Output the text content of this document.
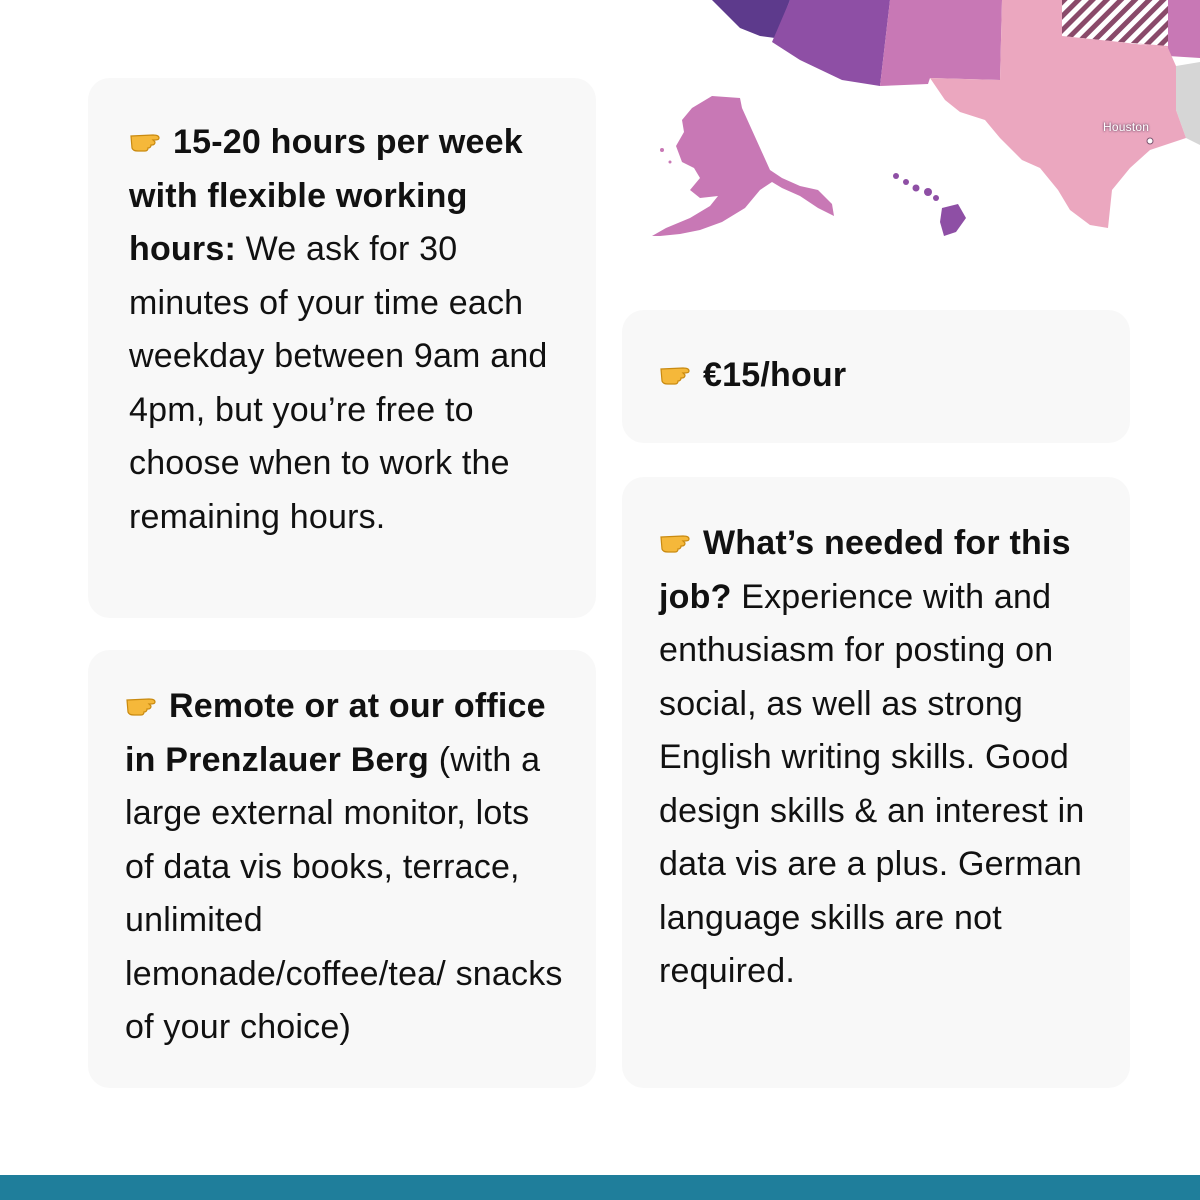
Houston

15-20 hours per week with flexible working hours: We ask for 30 minutes of your time each weekday between 9am and 4pm, but you’re free to choose when to work the remaining hours.

Remote or at our office in Prenzlauer Berg (with a large external monitor, lots of data vis books, terrace, unlimited lemonade/coffee/tea/ snacks of your choice)

€15/hour

What’s needed for this job? Experience with and enthusiasm for posting on social, as well as strong English writing skills. Good design skills & an interest in data vis are a plus. German language skills are not required.
